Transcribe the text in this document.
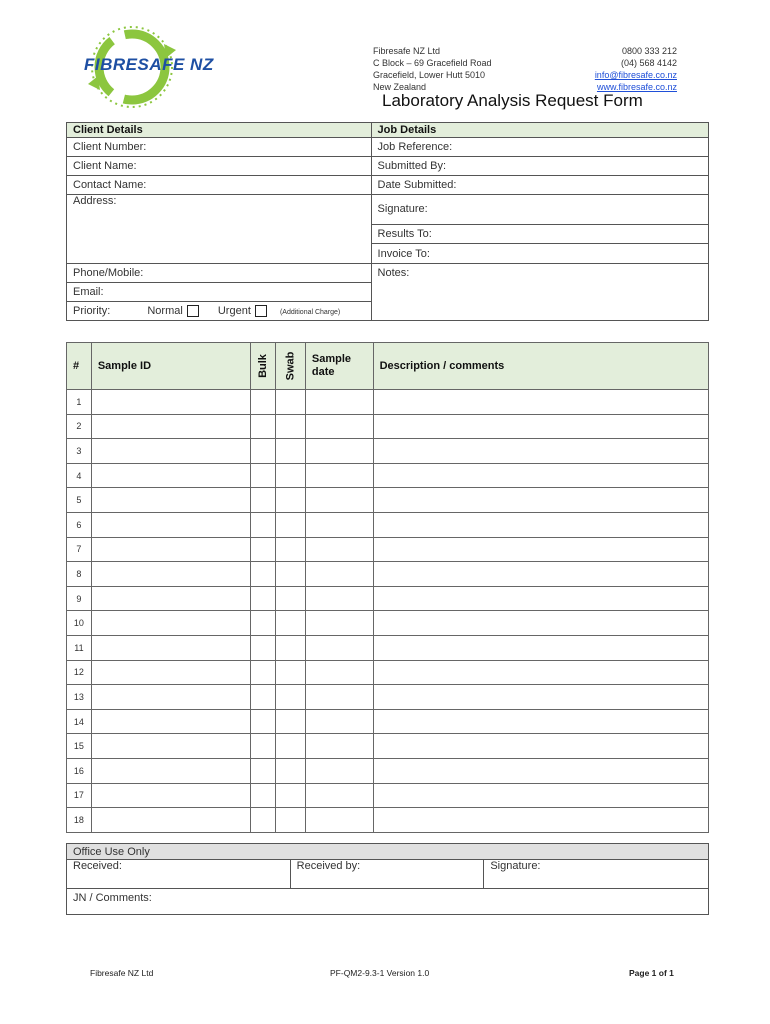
FIBRESAFE NZ
Fibresafe NZ Ltd
C Block – 69 Gracefield Road
Gracefield, Lower Hutt 5010
New Zealand
0800 333 212
(04) 568 4142
info@fibresafe.co.nz
www.fibresafe.co.nz
Laboratory Analysis Request Form
Client Details	Job Details
Client Number:	Job Reference:
Client Name:	Submitted By:
Contact Name:	Date Submitted:
Address:	Signature:
	Results To:
	Invoice To:
Phone/Mobile:	Notes:
Email:	
Priority: Normal Urgent (Additional Charge)	
#	Sample ID	Bulk	Swab	Sample date	Description / comments
1					
2					
3					
4					
5					
6					
7					
8					
9					
10					
11					
12					
13					
14					
15					
16					
17					
18					
Office Use Only
Received:	Received by:	Signature:
JN / Comments:
Fibresafe NZ Ltd	PF-QM2-9.3-1 Version 1.0	Page 1 of 1
